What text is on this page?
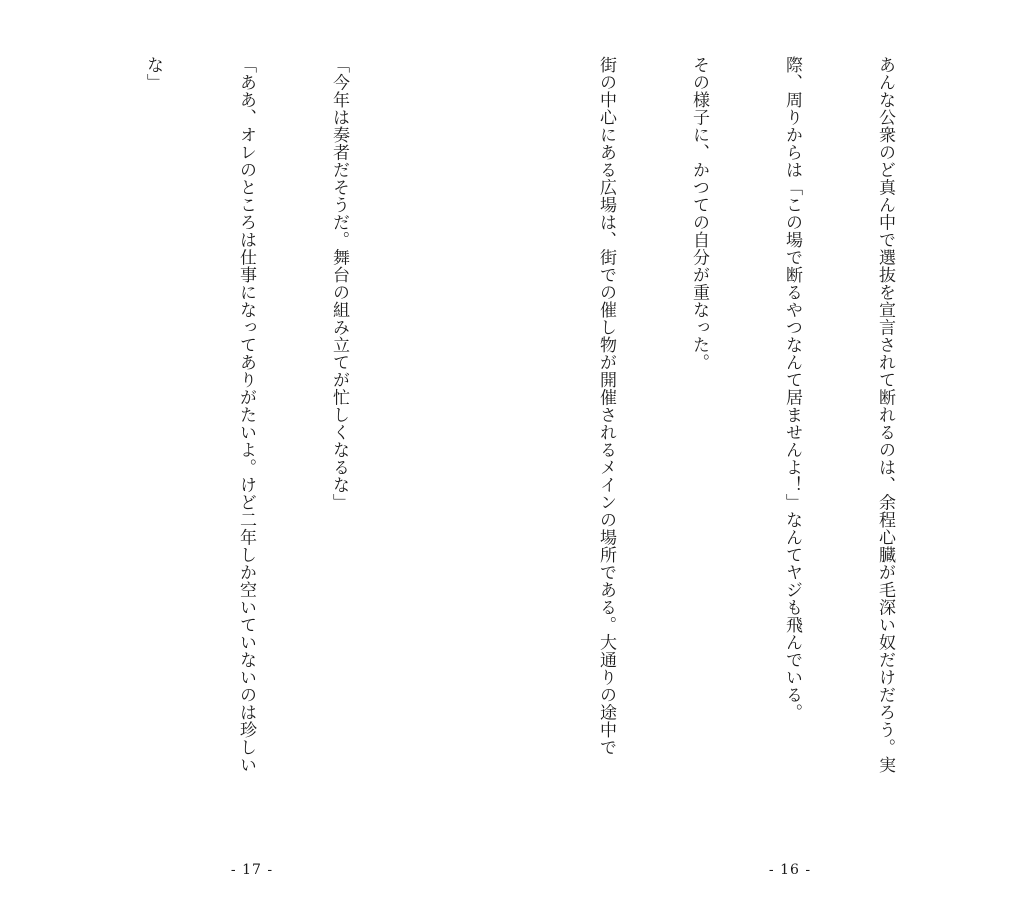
あんな公衆のど真ん中で選抜を宣言されて断れるのは、余程心臓が毛深い奴だけだろう。実

際、周りからは「この場で断るやつなんて居ませんよ！」なんてヤジも飛んでいる。

その様子に、かつての自分が重なった。

街の中心にある広場は、街での催し物が開催されるメインの場所である。大通りの途中で

- 16 -

「今年は奏者だそうだ。舞台の組み立てが忙しくなるな」

「ああ、オレのところは仕事になってありがたいよ。けど二年しか空いていないのは珍しい

な」

- 17 -
